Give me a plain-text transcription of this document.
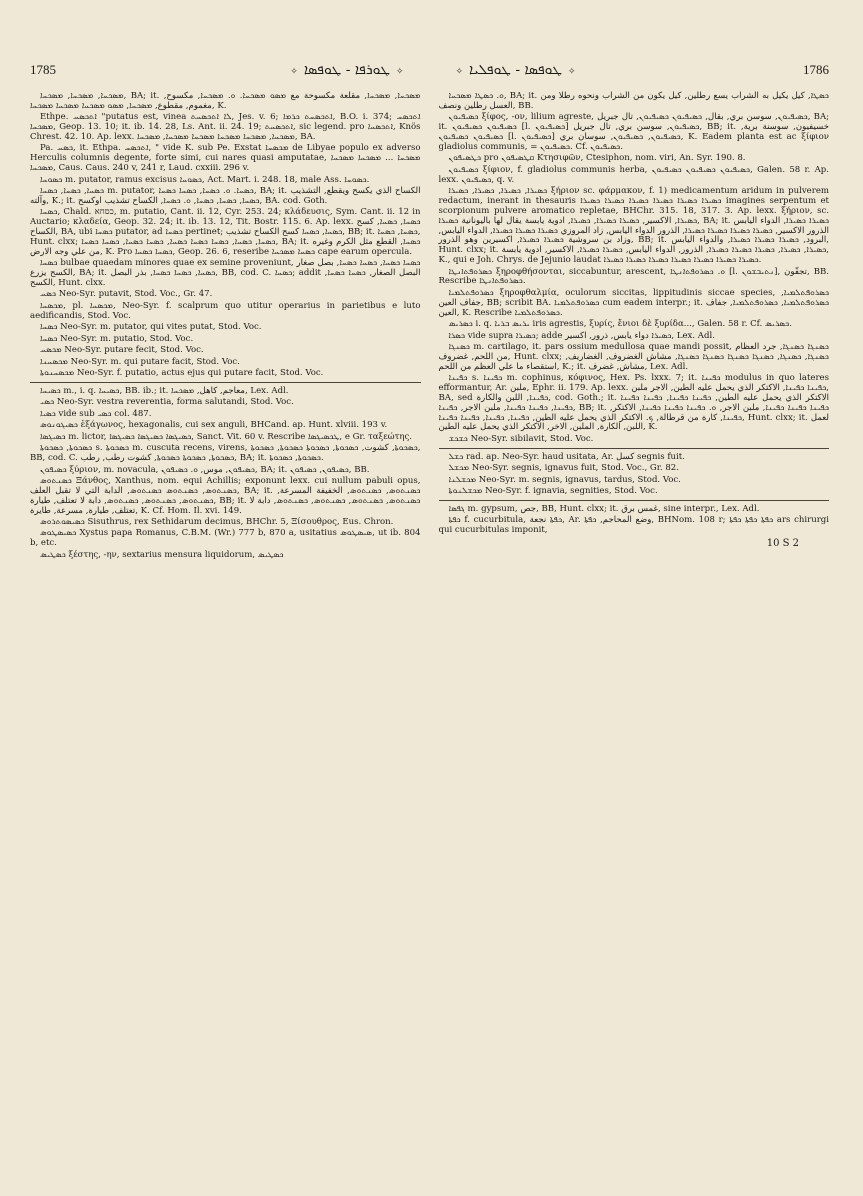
1785	✧ܛܘܪܦܐ - ܛܘܦܣܐ✧	✧ܛܘܦܣܐ - ܛܘܦܠܝܐ✧	1786

ܡܣܟܚܐ, ܡܣܟܚܐ, ܡܣܟܚܐ, BA; it. ܡܣܟܚܐ, ܡܣܟܚܐ, مقلعة مكسوحة مع ܡܣܘ ܡܣܟܚܐ. ܘ. ܡܣܟܚܐ, مكسوح, مغموم, مقطوع, ܡܣܟܚܐ, ܡܣܘ ܡܣܟܚܐ ܡܣܟܚܐ ܡܣܟܚܐ, K.

Ethpe. ܐܬܟܣܚ "putatus est, vinea ܠܐ ܐܬܟܣܚܬ, Jes. v. 6; ܐܬܟܣܚܬ ܟܪܡܐ, B.O. i. 374; ܐܬܟܣܚ ܡܣܟܚܐ, Geop. 13. 10; it. ib. 14. 28, Ls. Ant. ii. 24. 19; ܐܬܟܣܚܬ, sic legend. pro ܐܬܟܣܚܐ, Knös Chrest. 42. 10. Ap. lexx. ܡܣܟܚܐ, ܡܣܟܚܐ ܡܣܟܚܐ ܡܣܟܚܐ ܡܣܟܚܐ, ܡܣܟܚܐ, BA.

Pa. ܟܣܚ, it. Ethpa. ܐܬܟܣܚ, " vide K. sub Pe. Exstat ܡܟܣܚܐ de Libyae populo ex adverso Herculis columnis degente, forte simi, cui nares quasi amputatae, ܡܣܟܚܐ ... ܡܣܟܚܐ ܡܣܟܚܐ ܡܣܟܚܐ, Caus. Caus. 240 v, 241 r, Laud. cxxiii. 296 v.

ܟܣܘܚܐ m. putator, ramus excisus ܟܣܘܚܐ, Act. Mart. i. 248. 18, male Ass. ܟܣܘܚܐ.

ܟܣܚܐ, ܟܣܚܐ, ܟܣܚܐ m. putator, ܟܣܚܐ. ܘ. ܟܣܚܐ, ܟܣܚܐ ܟܣܚܐ, BA; it. الكساح الذي يكسح ويقطع, التشذيب وآلته, K.; it. ܟܣܚܐ, ܟܣܚܐ, ܟܣܚܐ, ܘ. ܟܣܚܐ, الكساح تشذيب اوكسح, BA. cod. Goth.

ܟܣܚܐ, Chald. כסחא, m. putatio, Cant. ii. 12, Cyr. 253. 24; κλάδευσις, Sym. Cant. ii. 12 in Auctario; κλαδεία, Geop. 32. 24; it. ib. 13. 12, Tit. Bostr. 115. 6. Ap. lexx. ܟܣܚܐ, ܟܣܚܐ, كسح الكساح, BA, ubi ܟܣܚܐ putator, ad ܟܣܚܐ pertinet; ܟܣܚܐ, ܟܣܚܐ كسح الكساح تشذيب, BB; it. ܟܣܚܐ, ܟܣܚܐ, Hunt. clxx; ܟܣܚܐ, ܟܣܚܐ, ܟܣܚܐ ܟܣܚܐ ܟܣܚܐ, ܟܣܚܐ ܟܣܚܐ, ܟܣܚܐ ܟܣܚܐ, BA; it. ܟܣܚܐ, القطع مثل الكرم وغيره من علي وجه الارض, K. Pro ܟܣܚܐ ܟܣܚܐ, Geop. 26. 6, reseribe ܟܣܚܐ ܡܣܟܚܐ cape earum opercula.

ܟܣܚܐ bulbae quaedam minores quae ex semine proveniunt, ܟܣܚܐ ܟܣܚܐ, ܟܣܚܐ ܟܣܚܐ, بصل صغار الكسح يزرع, BA; it. ܟܣܚܐ, ܟܣܚܐ ܟܣܚܐ, بذر البصل, BB, cod. C. ܟܣܚܐ; addit البصل الصغار, ܟܣܚܐ ܟܣܚܐ, الكسح, Hunt. clxx.

ܟܣܚ Neo-Syr. putavit, Stod. Voc., Gr. 47.

ܡܟܣܚܐ, pl. ܡܟܣܚܐ, Neo-Syr. f. scalprum quo utitur operarius in parietibus e luto aedificandis, Stod. Voc.

ܟܣܚܐ Neo-Syr. m. putator, qui vites putat, Stod. Voc.

ܟܣܚܐ Neo-Syr. m. putatio, Stod. Voc.

ܡܟܣܚ Neo-Syr. putare fecit, Stod. Voc.

ܡܟܣܚܢܐ Neo-Syr. m. qui putare facit, Stod. Voc.

ܡܟܣܚܢܘܬܐ Neo-Syr. f. putatio, actus ejus qui putare facit, Stod. Voc.

ܟܣܝܚܐ m., i. q. ܟܣܝܚܐ, BB. ib.; it. معاجم, كاهل, ܡܣܟܚܐ, Lex. Adl.

ܟܣܝ Neo-Syr. vestra reverentia, forma salutandi, Stod. Voc.

ܟܣܝܐ vide sub ܟܣܝ col. 487.

ܟܣܝܓܘܢܘܣ ἑξάγωνος, hexagonalis, cui sex anguli, BHCand. ap. Hunt. xlviii. 193 v.

ܟܣܝܓܣܐ m. lictor, ܟܣܝܓܣܐ ܟܣܝܓܣܐ ܟܣܝܓܣܐ, Sanct. Vit. 60 v. Rescribe ܛܟܣܝܓܣܐ, e Gr. ταξεώτης.

ܟܣܟܘܬܐ, ܟܣܟܘܬܐ s. ܟܣܟܘܬܐ m. cuscuta recens, virens, ܟܣܟܘܬܐ, كشوت, ܟܣܟܘܬܐ, ܟܣܟܘܬܐ ܟܣܟܘܬܐ, ܟܣܟܘܬܐ, BB, cod. C. ܟܣܟܘܬܐ, ܟܣܟܘܬܐ ܟܣܟܘܬܐ, كشوت رطب, رطب, BA; it. ܟܣܟܘܬܐ, ܟܣܟܘܬܐ.

ܟܣܝܦܘܢ ξύριον, m. novacula, ܟܣܝܦܘܢ, موس, ܘ. ܟܣܝܦܘܢ, BA; it. ܟܣܝܦܘܢ, ܟܣܝܦܘܢ, BB.

ܟܣܢܬܘܣ Ξάνθος, Xanthus, nom. equi Achillis; exponunt lexx. cui nullum pabuli opus, ܟܣܢܬܘܣ, ܟܣܢܬܘܣ ܟܣܢܬܘܣ, الدابة التي لا تقبل العلف, BA; it. ܟܣܢܬܘܣ, ܟܣܢܬܘܣ, الخفيفة المسرعة, ܟܣܢܬܘܣ, ܟܣܢܬܘܣ, ܟܣܢܬܘܣ, دابة لا تعتلف, طيارة, BB; it. ܟܣܢܬܘܣ, ܟܣܢܬܘܣ, ܟܣܢܬܘܣ, ܟܣܢܬܘܣ, دابة لا تعتلف, طيارة, مسرعة, طايرة, K. Cf. Hom. Il. xvi. 149.

ܟܣܝܣܘܬܪܘܣ Sisuthrus, rex Sethidarum decimus, BHChr. 5, Ξίσουθρος, Eus. Chron.

ܟܣܝܣܛܘܣ Xystus papa Romanus, C.B.M. (Wr.) 777 b, 870 a, usitatius ܣܝܣܛܘܣ, ut ib. 804 b, etc.

ܟܣܛܝܣ ξέστης, -ην, sextarius mensura liquidorum, ܟܣܛܝܣ

ܘ. ܟܣܛܐ ܡܣܟܚܐ, BA; it. ܟܣܛܐ, كيل يكيل به الشراب يسع رطلين, كيل يكون من الشراب ونحوه رطلا ومن العسل رطلين ونصف, BB.

ܟܣܝܦܝܘܢ ξίφος, -ον, lilium agreste, ܟܣܝܦܝܘܢ, سوسن بري, بقال, ܟܣܝܦܝܘܢ ܟܣܝܦܝܘܢ, تال جبريل, BA; it. ܟܣܝܦܝܘܢ ܟܣܝܦܝܘܢ [l. ܟܣܝܦܝܘܢ] ܟܣܝܦܝܘܢ, سوسن بري, تال جبريل, BB; it. خسيفيون, سوسنة برية, ܟܣܝܦܝܘܢ ܟܣܝܦܝܘܢ [l. ܟܣܝܦܝܘܢ] ܟܣܝܦܝܘܢ, ܟܣܝܦܝܘܢ, سوسان بري, K. Eadem planta est ac ξίφιον gladiolus communis, = ܟܣܝܦܝܘܢ. Cf. ܟܣܝܦܝܘܢ.

ܟܛܣܝܦܘܢ pro ܩܛܣܝܦܘܢ Κτησιφῶν, Ctesiphon, nom. viri, An. Syr. 190. 8.

ܟܣܝܦܝܘܢ ξίφιον, f. gladiolus communis herba, ܟܣܝܦܝܘܢ ܟܣܝܦܝܘܢ ܟܣܝܦܝܘܢ, Galen. 58 r. Ap. lexx. ܟܣܝܦܝܘܢ, q. v.

ܟܣܝܪܐ, ܟܣܝܪܐ, ܟܣܝܪܐ, ܟܣܝܪܐ ξήριον sc. φάρμακον, f. 1) medicamentum aridum in pulverem redactum, inerant in thesauris ܟܣܝܪܐ ܟܣܝܪܐ ܟܣܝܪܐ ܟܣܝܪܐ ܟܣܝܪܐ ܟܣܝܪܐ imagines serpentum et scorpionum pulvere aromatico repletae, BHChr. 315. 18, 317. 3. Ap. lexx. ξήριον, sc. ܟܣܝܪܐ, الاكسير, ܟܣܝܪܐ ܟܣܝܪܐ, ܟܣܝܪܐ, ادوية يابسة يقال لها باليونانية ܟܣܝܪܐ, BA; it. ܟܣܝܪܐ ܟܣܝܪܐ, الدواء اليابس الذرور الاكسير, ܟܣܝܪܐ ܟܣܝܪܐ ܟܣܝܪܐ ܟܣܝܪܐ, الذرور الدواء اليابس, زاد المروزي ܟܣܝܪܐ ܟܣܝܪܐ ܟܣܝܪܐ, الدواء اليابس, وزاد بن سروشية ܟܣܝܪܐ ܟܣܝܪܐ, اكسيرين وهو الذرور, BB; it. البرود, ܟܣܝܪܐ ܟܣܝܪܐ ܟܣܝܪܐ, والدواء اليابس, Hunt. clxx; it. ܟܣܝܪܐ, ܟܣܝܪܐ, ܟܣܝܪܐ ܟܣܝܪܐ ܟܣܝܪܐ, الذرور, الدواء اليابس, ܟܣܝܪܐ ܟܣܝܪܐ, الاكسير, ادوية يابسة, K., qui e Joh. Chrys. de Jejunio laudat ܟܣܝܪܐ ܟܣܝܪܐ ܟܣܝܪܐ ܟܣܝܪܐ ܟܣܝܪܐ ܟܣܝܪܐ ܟܣܝܪܐ.

ܟܣܪܘܦܬܐܢܛܐ ξηροφθήσονται, siccabuntur, arescent, ܘ. ܟܣܪܘܦܬܐܢܛܐ [l. ܢܬܝܒܫܘܢ], تجفّون, BB. Rescribe ܟܣܪܘܦܬܐܢܛܐ.

ܟܣܪܘܦܬܠܡܝܐ ξηροφθαλμία, oculorum siccitas, lippitudinis siccae species, ܟܣܪܘܦܬܠܡܝܐ, جفاف العين, BB; scribit BA. ܟܣܪܘܦܬܠܡܝܐ cum eadem interpr.; it. ܟܣܪܘܦܬܠܡܝܐ, ܟܣܪܘܦܬܠܡܝܐ, جفاف العين, K. Rescribe ܟܣܪܘܦܬܠܡܝܐ.

ܟܣܪܝܣ i. q. ܝܪܝܣ ܒܪܝܐ iris agrestis, ξυρίς, ἔνιοι δὲ ξυρίδα..., Galen. 58 r. Cf. ܟܣܪܝܣ.

ܟܣܪܐ vide supra ܟܣܝܪܐ; adde ܟܣܝܪܐ دواء يابس, ذرور, اكسير, Lex. Adl.

ܟܣܢܓܐ m. cartilago, it. pars ossium medullosa quae mandi possit, ܟܣܢܓܐ ܟܣܢܓܐ, جرد العظام من اللحم, غضروف, Hunt. clxx; ܟܣܢܓܐ, ܟܣܢܓܐ, ܟܣܢܓܐ ܟܣܢܓܐ ܟܣܢܓܐ ܟܣܢܓܐ, مشاش الغضروف, الغضاريف, استقصاء ما علي العظم من اللحم, K.; it. مشاش, غضرف, Lex. Adl.

ܟܦܝܢܐ s. ܟܦܝܢܐ m. cophinus, κόφινος, Hex. Ps. lxxx. 7; it. ܟܦܝܢܐ modulus in quo lateres efformantur, Ar. ملبن, Ephr. ii. 179. Ap. lexx. ܟܦܝܢܐ ܟܦܝܢܐ, الاكتكر الذي يحمل عليه الطين, الاجر ملبن, BA, sed ܟܦܝܢܐ, اللبن والكارة, cod. Goth.; it. الاكتكر الذي يحمل عليه الطين, ܟܦܝܢܐ ܟܦܝܢܐ, ܟܦܝܢܐ ܟܦܝܢܐ ܟܦܝܢܐ, ܟܦܝܢܐ ܟܦܝܢܐ, ملبن الاجر, ܟܦܝܢܐ, BB; it. ܟܦܝܢܐ ܟܦܝܢܐ ܟܦܝܢܐ, ملبن الاجر, ܘ. ܟܦܝܢܐ ܟܦܝܢܐ ܟܦܝܢܐ, الاكتكر, ܟܦܝܢܐ, كارة من قرطالة, ܟ. الاكتكر الذي يحمل عليه الطين, ܟܦܝܢܐ, ܟܦܝܢܐ, ܟܦܝܢܐ ܟܦܝܢܐ, Hunt. clxx; it. لعمل اللبن, الكارة, الملبن, الاخر, الاكتكر الذي يحمل عليه الطين, K.

ܟܫܟܫ Neo-Syr. sibilavit, Stod. Voc.

ܟܫܠ rad. ap. Neo-Syr. haud usitata, Ar. كسل segnis fuit.

ܡܟܫܠ Neo-Syr. segnis, ignavus fuit, Stod. Voc., Gr. 82.

ܡܟܫܠܢܐ Neo-Syr. m. segnis, ignavus, tardus, Stod. Voc.

ܡܟܫܠܢܘܬܐ Neo-Syr. f. ignavia, segnities, Stod. Voc.

ܓܦܣܐ m. gypsum, جص, BB, Hunt. clxx; it. غمس برق, sine interpr., Lex. Adl.

ܟܦܬܐ f. cucurbitula, ܟܦܬܐ نجعة, Ar. وضع المحاجم, ܟܦܬܐ, BHNom. 108 r; ܟܦܬܐ ܟܦܬܐ ܟܦܬܐ ars chirurgi qui cucurbitulas imponit,

10 S 2
